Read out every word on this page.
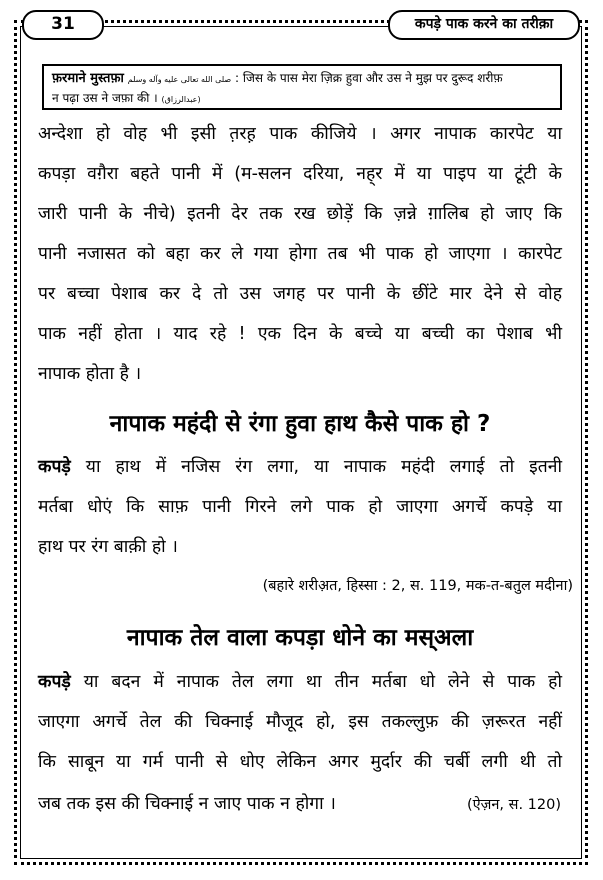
31	कपड़े पाक करने का तरीक़ा
फ़रमाने मुस्तफ़ा صلى الله تعالى عليه وآله وسلم : जिस के पास मेरा ज़िक्र हुवा और उस ने मुझ पर दुरूद शरीफ़
न पढ़ा उस ने जफ़ा की । (عبدالرزاق)
अन्देशा हो वोह भी इसी त़रह़ पाक कीजिये । अगर नापाक कारपेट या
कपड़ा वग़ैरा बहते पानी में (म-सलन दरिया, नह्‌र में या पाइप या टूंटी के
जारी पानी के नीचे) इतनी देर तक रख छोड़ें कि ज़न्ने ग़ालिब हो जाए कि
पानी नजासत को बहा कर ले गया होगा तब भी पाक हो जाएगा । कारपेट
पर बच्चा पेशाब कर दे तो उस जगह पर पानी के छींटे मार देने से वोह
पाक नहीं होता । याद रहे ! एक दिन के बच्चे या बच्ची का पेशाब भी
नापाक होता है ।
नापाक महंदी से रंगा हुवा हाथ कैसे पाक हो ?
कपड़े या हाथ में नजिस रंग लगा, या नापाक महंदी लगाई तो इतनी
मर्तबा धोएं कि साफ़ पानी गिरने लगे पाक हो जाएगा अगर्चे कपड़े या
हाथ पर रंग बाक़ी हो ।
(बहारे शरीअ़त, हिस्सा : 2, स. 119, मक-त-बतुल मदीना)
नापाक तेल वाला कपड़ा धोने का मस्अला
कपड़े या बदन में नापाक तेल लगा था तीन मर्तबा धो लेने से पाक हो
जाएगा अगर्चे तेल की चिक्नाई मौजूद हो, इस तकल्लुफ़ की ज़रूरत नहीं
कि साबून या गर्म पानी से धोए लेकिन अगर मुर्दार की चर्बी लगी थी तो
जब तक इस की चिक्नाई न जाए पाक न होगा ।	(ऐज़न, स. 120)
